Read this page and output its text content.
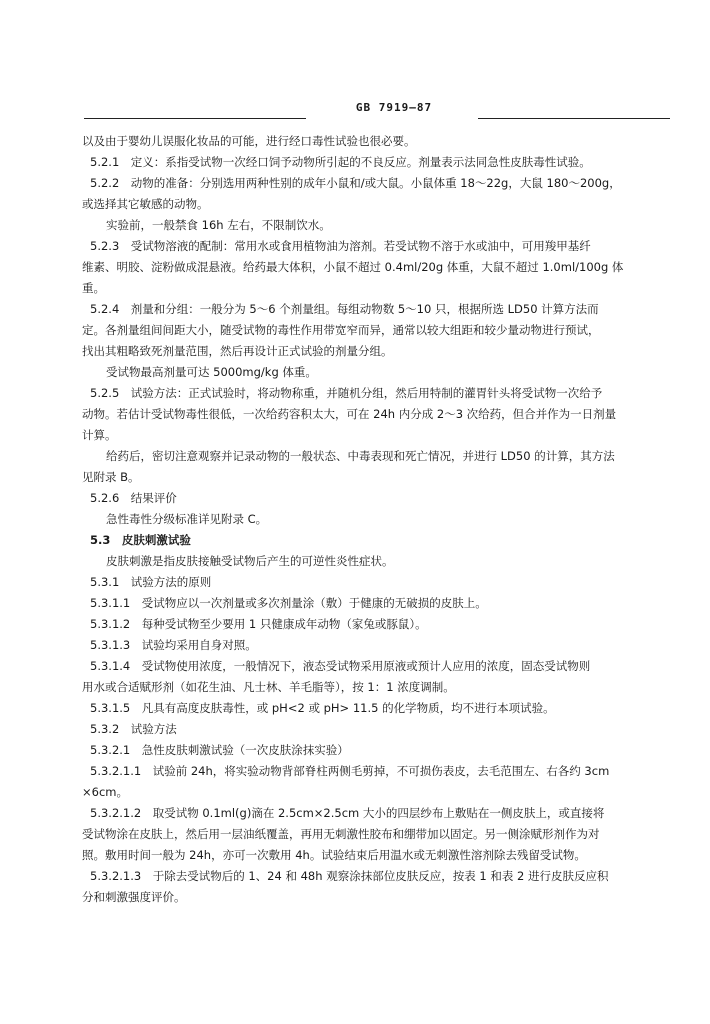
GB 7919—87
以及由于婴幼儿误服化妆品的可能，进行经口毒性试验也很必要。
5.2.1　定义：系指受试物一次经口饲予动物所引起的不良反应。剂量表示法同急性皮肤毒性试验。
5.2.2　动物的准备：分别选用两种性别的成年小鼠和/或大鼠。小鼠体重 18～22g，大鼠 180～200g，
或选择其它敏感的动物。
实验前，一般禁食 16h 左右，不限制饮水。
5.2.3　受试物溶液的配制：常用水或食用植物油为溶剂。若受试物不溶于水或油中，可用羧甲基纤
维素、明胶、淀粉做成混悬液。给药最大体积，小鼠不超过 0.4ml/20g 体重，大鼠不超过 1.0ml/100g 体
重。
5.2.4　剂量和分组：一般分为 5～6 个剂量组。每组动物数 5～10 只，根据所选 LD50 计算方法而
定。各剂量组间间距大小，随受试物的毒性作用带宽窄而异，通常以较大组距和较少量动物进行预试，
找出其粗略致死剂量范围，然后再设计正式试验的剂量分组。
受试物最高剂量可达 5000mg/kg 体重。
5.2.5　试验方法：正式试验时，将动物称重，并随机分组，然后用特制的灌胃针头将受试物一次给予
动物。若估计受试物毒性很低，一次给药容积太大，可在 24h 内分成 2～3 次给药，但合并作为一日剂量
计算。
给药后，密切注意观察并记录动物的一般状态、中毒表现和死亡情况，并进行 LD50 的计算，其方法
见附录 B。
5.2.6　结果评价
急性毒性分级标准详见附录 C。
5.3　皮肤刺激试验
皮肤刺激是指皮肤接触受试物后产生的可逆性炎性症状。
5.3.1　试验方法的原则
5.3.1.1　受试物应以一次剂量或多次剂量涂（敷）于健康的无破损的皮肤上。
5.3.1.2　每种受试物至少要用 1 只健康成年动物（家兔或豚鼠）。
5.3.1.3　试验均采用自身对照。
5.3.1.4　受试物使用浓度，一般情况下，液态受试物采用原液或预计人应用的浓度，固态受试物则
用水或合适赋形剂（如花生油、凡士林、羊毛脂等），按 1：1 浓度调制。
5.3.1.5　凡具有高度皮肤毒性，或 pH<2 或 pH> 11.5 的化学物质，均不进行本项试验。
5.3.2　试验方法
5.3.2.1　急性皮肤刺激试验（一次皮肤涂抹实验）
5.3.2.1.1　试验前 24h，将实验动物背部脊柱两侧毛剪掉，不可损伤表皮，去毛范围左、右各约 3cm
×6cm。
5.3.2.1.2　取受试物 0.1ml(g)滴在 2.5cm×2.5cm 大小的四层纱布上敷贴在一侧皮肤上，或直接将
受试物涂在皮肤上，然后用一层油纸覆盖，再用无刺激性胶布和绷带加以固定。另一侧涂赋形剂作为对
照。敷用时间一般为 24h，亦可一次敷用 4h。试验结束后用温水或无刺激性溶剂除去残留受试物。
5.3.2.1.3　于除去受试物后的 1、24 和 48h 观察涂抹部位皮肤反应，按表 1 和表 2 进行皮肤反应积
分和刺激强度评价。
